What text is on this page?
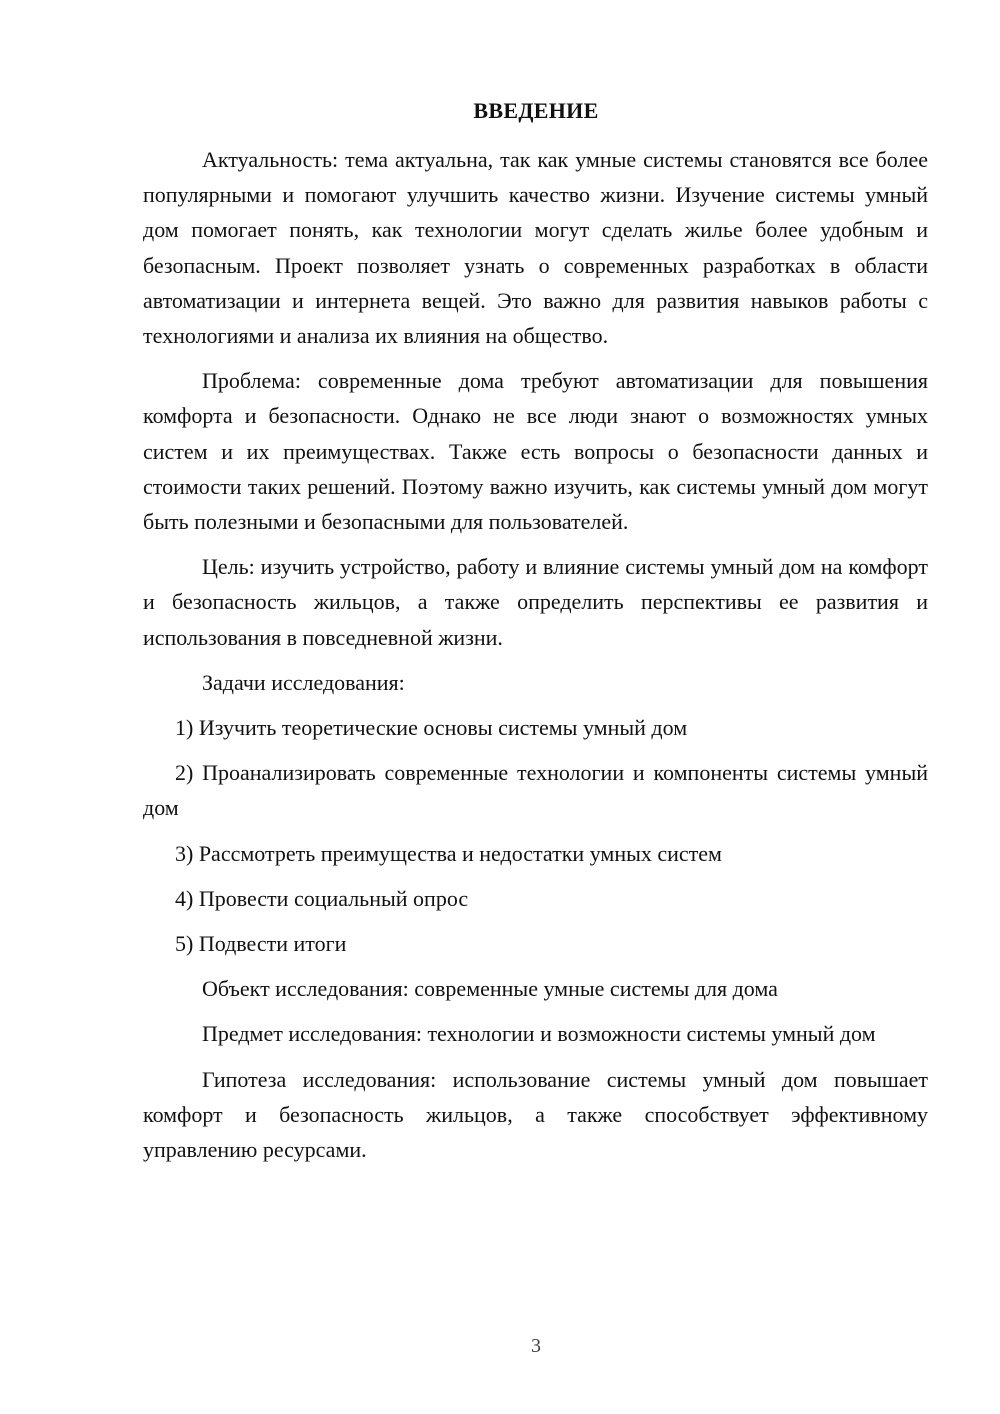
ВВЕДЕНИЕ

Актуальность: тема актуальна, так как умные системы становятся все более популярными и помогают улучшить качество жизни. Изучение системы умный дом помогает понять, как технологии могут сделать жилье более удобным и безопасным. Проект позволяет узнать о современных разработках в области автоматизации и интернета вещей. Это важно для развития навыков работы с технологиями и анализа их влияния на общество.

Проблема: современные дома требуют автоматизации для повышения комфорта и безопасности. Однако не все люди знают о возможностях умных систем и их преимуществах. Также есть вопросы о безопасности данных и стоимости таких решений. Поэтому важно изучить, как системы умный дом могут быть полезными и безопасными для пользователей.

Цель: изучить устройство, работу и влияние системы умный дом на комфорт и безопасность жильцов, а также определить перспективы ее развития и использования в повседневной жизни.

Задачи исследования:

1) Изучить теоретические основы системы умный дом

2) Проанализировать современные технологии и компоненты системы умный дом

3) Рассмотреть преимущества и недостатки умных систем

4) Провести социальный опрос

5) Подвести итоги

Объект исследования: современные умные системы для дома

Предмет исследования: технологии и возможности системы умный дом

Гипотеза исследования: использование системы умный дом повышает комфорт и безопасность жильцов, а также способствует эффективному управлению ресурсами.

3
